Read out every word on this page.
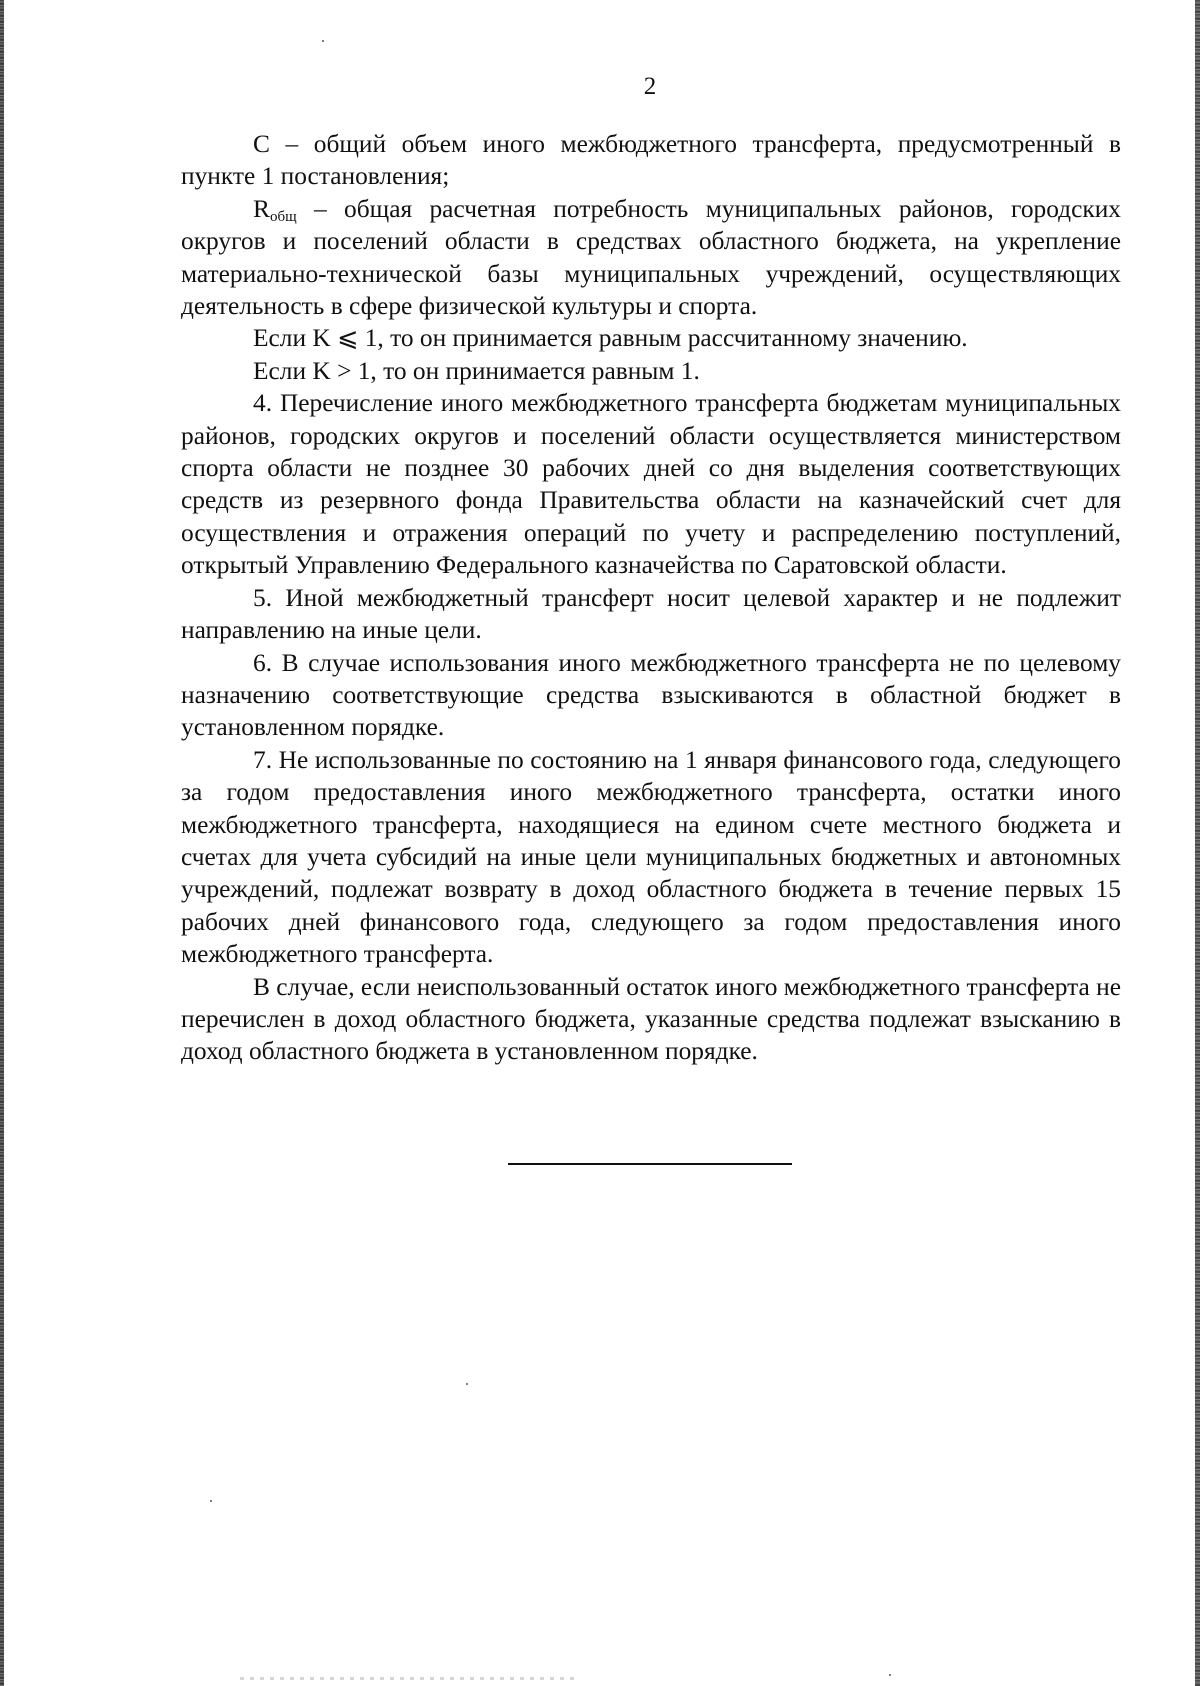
2

С – общий объем иного межбюджетного трансферта, предусмотренный в пункте 1 постановления;

$R_{общ}$ – общая расчетная потребность муниципальных районов, городских округов и поселений области в средствах областного бюджета, на укрепление материально-технической базы муниципальных учреждений, осуществляющих деятельность в сфере физической культуры и спорта.

Если K ⩽ 1, то он принимается равным рассчитанному значению.

Если K > 1, то он принимается равным 1.

4. Перечисление иного межбюджетного трансферта бюджетам муниципальных районов, городских округов и поселений области осуществляется министерством спорта области не позднее 30 рабочих дней со дня выделения соответствующих средств из резервного фонда Правительства области на казначейский счет для осуществления и отражения операций по учету и распределению поступлений, открытый Управлению Федерального казначейства по Саратовской области.

5. Иной межбюджетный трансферт носит целевой характер и не подлежит направлению на иные цели.

6. В случае использования иного межбюджетного трансферта не по целевому назначению соответствующие средства взыскиваются в областной бюджет в установленном порядке.

7. Не использованные по состоянию на 1 января финансового года, следующего за годом предоставления иного межбюджетного трансферта, остатки иного межбюджетного трансферта, находящиеся на едином счете местного бюджета и счетах для учета субсидий на иные цели муниципальных бюджетных и автономных учреждений, подлежат возврату в доход областного бюджета в течение первых 15 рабочих дней финансового года, следующего за годом предоставления иного межбюджетного трансферта.

В случае, если неиспользованный остаток иного межбюджетного трансферта не перечислен в доход областного бюджета, указанные средства подлежат взысканию в доход областного бюджета в установленном порядке.
